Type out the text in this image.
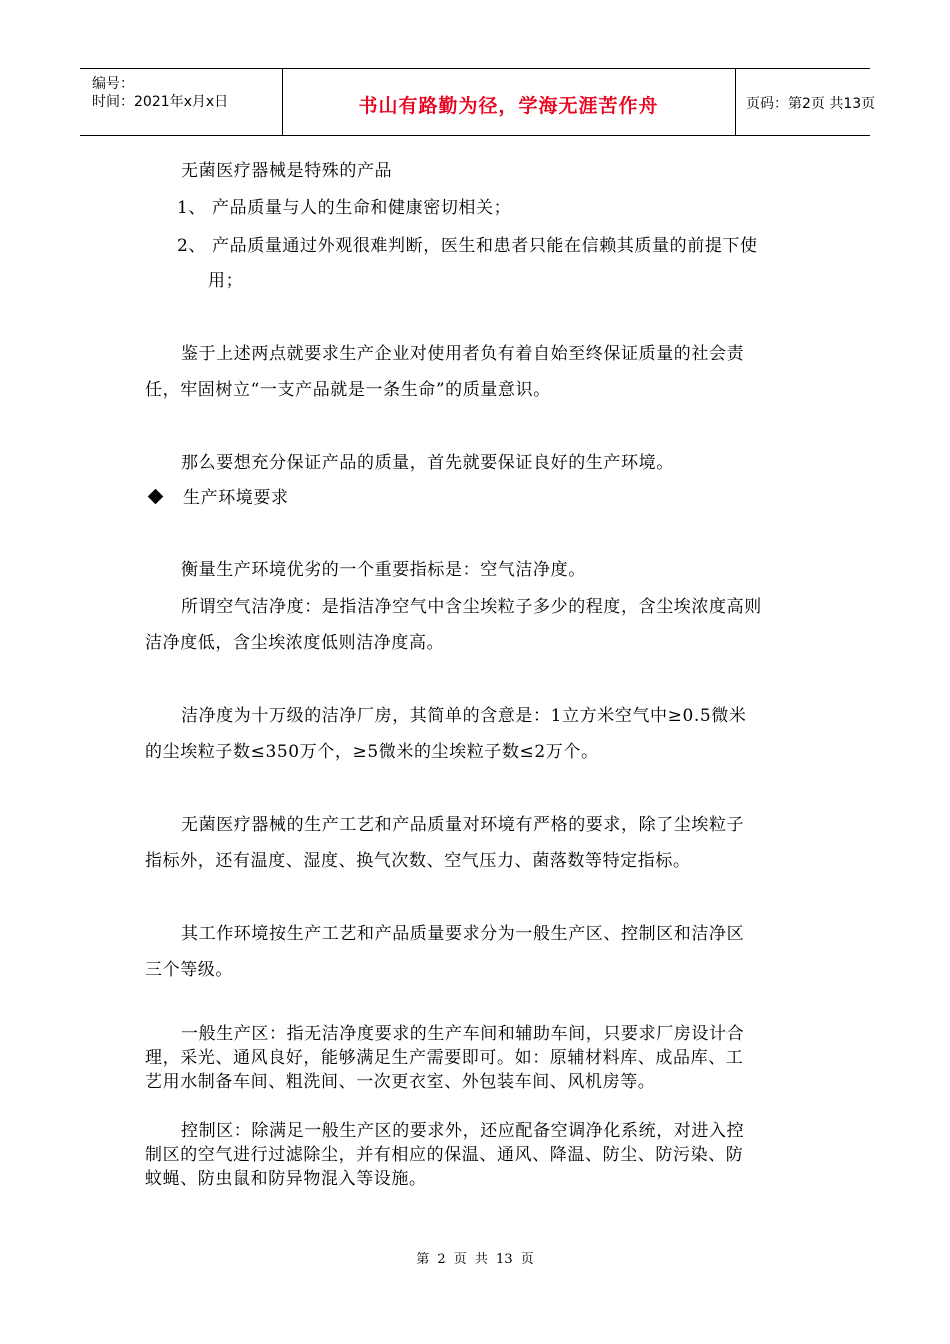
编号：
时间：2021年x月x日	书山有路勤为径，学海无涯苦作舟	页码：第2页 共13页
无菌医疗器械是特殊的产品
1、 产品质量与人的生命和健康密切相关；
2、 产品质量通过外观很难判断，医生和患者只能在信赖其质量的前提下使
用；
鉴于上述两点就要求生产企业对使用者负有着自始至终保证质量的社会责
任，牢固树立“一支产品就是一条生命”的质量意识。
那么要想充分保证产品的质量，首先就要保证良好的生产环境。
生产环境要求
衡量生产环境优劣的一个重要指标是：空气洁净度。
所谓空气洁净度：是指洁净空气中含尘埃粒子多少的程度，含尘埃浓度高则
洁净度低，含尘埃浓度低则洁净度高。
洁净度为十万级的洁净厂房，其简单的含意是：1立方米空气中≥0.5微米
的尘埃粒子数≤350万个，≥5微米的尘埃粒子数≤2万个。
无菌医疗器械的生产工艺和产品质量对环境有严格的要求，除了尘埃粒子
指标外，还有温度、湿度、换气次数、空气压力、菌落数等特定指标。
其工作环境按生产工艺和产品质量要求分为一般生产区、控制区和洁净区
三个等级。
一般生产区：指无洁净度要求的生产车间和辅助车间，只要求厂房设计合
理，采光、通风良好，能够满足生产需要即可。如：原辅材料库、成品库、工
艺用水制备车间、粗洗间、一次更衣室、外包装车间、风机房等。
控制区：除满足一般生产区的要求外，还应配备空调净化系统，对进入控
制区的空气进行过滤除尘，并有相应的保温、通风、降温、防尘、防污染、防
蚊蝇、防虫鼠和防异物混入等设施。
第 2 页 共 13 页
